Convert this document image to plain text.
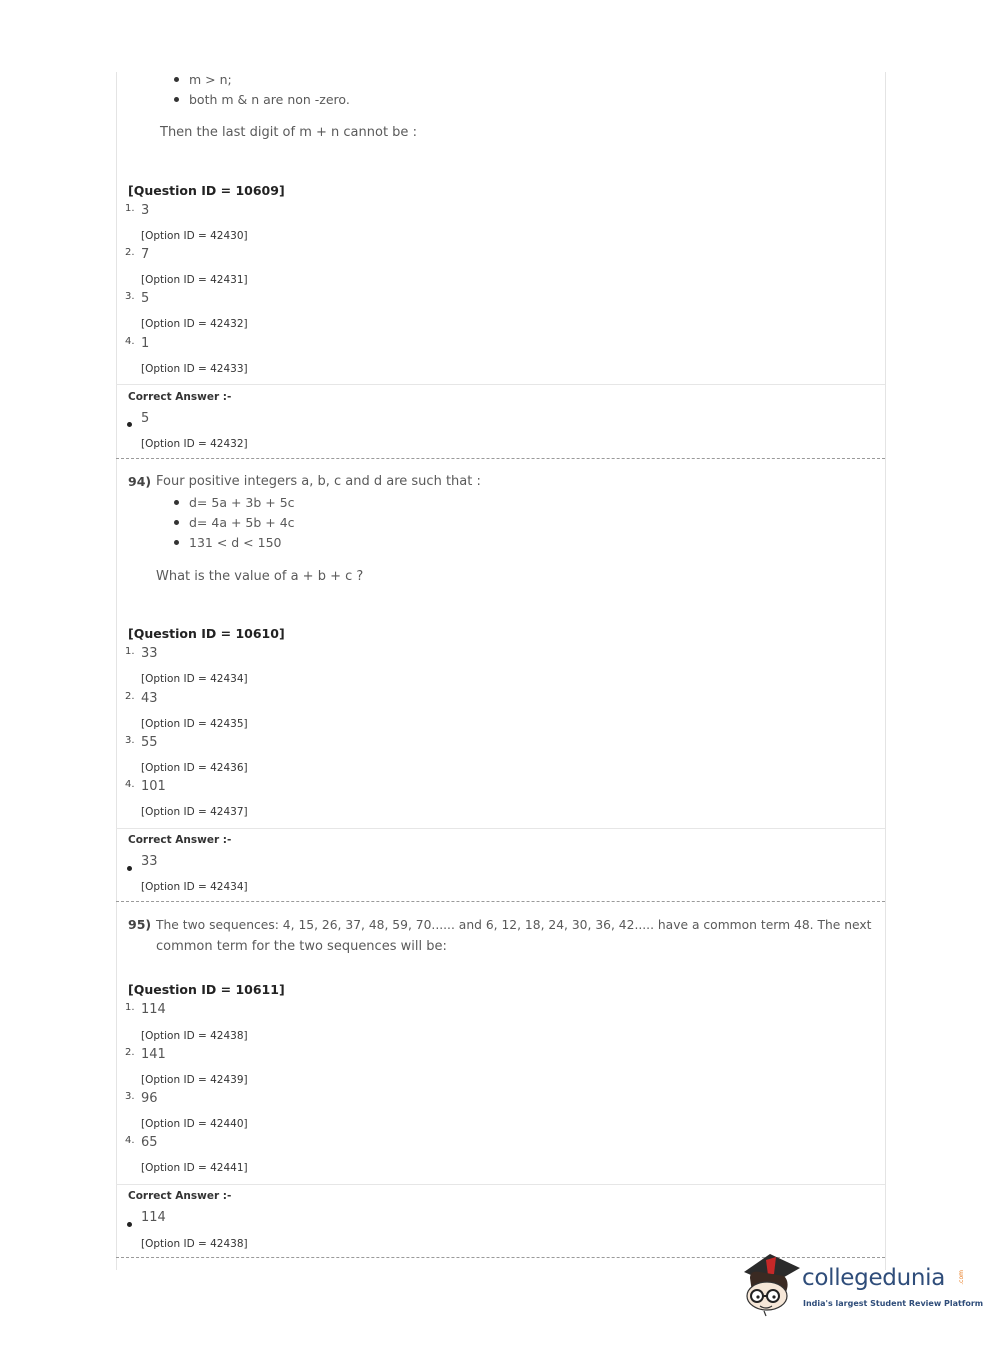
m > n;
both m & n are non -zero.
Then the last digit of m + n cannot be :
[Question ID = 10609]
1. 3
[Option ID = 42430]
2. 7
[Option ID = 42431]
3. 5
[Option ID = 42432]
4. 1
[Option ID = 42433]
Correct Answer :-
5
[Option ID = 42432]
94) Four positive integers a, b, c and d are such that :
d= 5a + 3b + 5c
d= 4a + 5b + 4c
131 < d < 150
What is the value of a + b + c ?
[Question ID = 10610]
1. 33
[Option ID = 42434]
2. 43
[Option ID = 42435]
3. 55
[Option ID = 42436]
4. 101
[Option ID = 42437]
Correct Answer :-
33
[Option ID = 42434]
95) The two sequences: 4, 15, 26, 37, 48, 59, 70...... and 6, 12, 18, 24, 30, 36, 42..... have a common term 48. The next
common term for the two sequences will be:
[Question ID = 10611]
1. 114
[Option ID = 42438]
2. 141
[Option ID = 42439]
3. 96
[Option ID = 42440]
4. 65
[Option ID = 42441]
Correct Answer :-
114
[Option ID = 42438]
collegedunia .com
India's largest Student Review Platform
